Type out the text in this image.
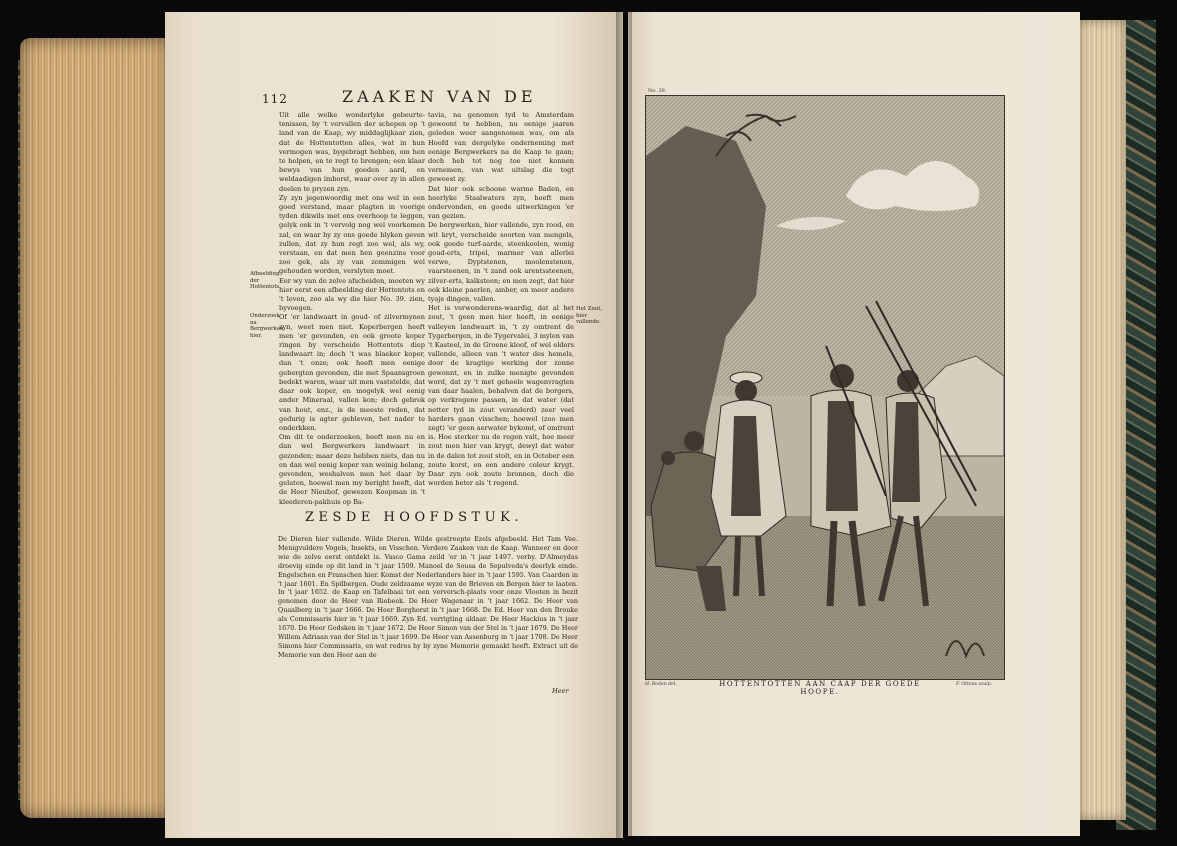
112	ZAAKEN VAN DE

Uit alle welke wonderlyke gebeurte-tenissen, by 't vervallen der schepen op 't land van de Kaap, wy middaglijkaar zien, dat de Hottentotten alles, wat in hun vermogen was, bygebragt hebben, om hen te helpen, en te regt te brengen; een klaar bewys van hun goeden aard, en weldaadigen imborst, waar over zy in allen deelen te pryzen zyn.

Zy zyn jegenwoordig met ons wel in een goed verstand, maar plagten in voorige tyden dikwils met ons overhoop te leggen, gelyk ook in 't vervolg nog wel voorkomen zal, en waar by zy ons goede blyken geven zullen, dat zy hun regt zoo wel, als wy, verstaan, en dat men hen geenzins voor zoo gek, als zy van zommigen wel gehouden worden, verslyten moet.

Eer wy van de zelve afscheiden, moeten wy hier eerst een afbeelding der Hottentots en 't leven, zoo als wy die hier No. 39. zien, byvoegen.

Of 'er landwaart in goud- of zilvermynen zyn, weet men niet. Koperbergen heeft men 'er gevonden, en ook groote koper ringen by verscheide Hottentots diep landwaart in; doch 't was blaeker koper, dan 't onze; ook heeft men eenige gebergten gevonden, die met Spaansgroen bedekt waren, waar uit men vaststelde, dat daar ook koper, en mogelyk wel eenig ander Mineraal, vallen kon; doch gebrek van hout, enz., is de meeste reden, dat gedurig is agter gebleven, het nader te onderkken.

Om dit te onderzoeken, heeft men nu en dan wel Bergwerkers landwaart in gezonden; maar deze hebben niets, dan nu en dan wel eenig koper van weinig belang, gevonden, weshalven men het daar by gelaten, hoewel men my beright heeft, dat de Heer Nieuhof, gewezen Koopman in 't kleederen-pakhuis op Ba-

tavia, na genomen tyd te Amsterdam gewoont te hebben, nu eenige jaaren geleden weer aangenomen was, om als Hoofd van dergelyke onderneming met eenige Bergwerkers na de Kaap te gaan; doch heb tot nog toe niet konnen vernemen, van wat uitslag die togt geweest zy.

Dat hier ook schoone warme Baden, en heerlyke Staalwaters zyn, heeft men ondervonden, en goede uitwerkingen 'er van gezien.

De bergwerken, hier vallende, zyn rood, en wit kryt, verscheide soorten van mengels, ook goede turf-aarde, steenkoolen, wonig goud-erts, tripel, marmer van allerlei verwe, Dyptstenen, moolenstenen, vaarsteenen, in 't zand ook arentssteenen, zilver-erts, kalksteen; en men zegt, dat hier ook kleine paerlen, amber, en meer andere tyaje dingen, vallen.

Het is verwonderens-waardig, dat al het zout, 't geen men hier heeft, in eenige valleyen landwaart in, 't zy omtrent de Tygerbergen, in de Tygervalei, 3 mylen van 't Kasteel, in de Groene kloof, of wel elders vallende, alleen van 't water des hemels, door de kragtige werking der zonne gewonnt, en in zulke menigte gevonden word, dat zy 't met geheele wagenvragten van daar haalen, behalven dat de borgers, op verkregene passen, in dat water (dat netter tyd in zout veranderd) zeer veel harders gaan visschen; hoewel (zoo men zegt) 'er geen aerwater bykomt, of omtrent is. Hoe sterker nu de regen valt, hoe meer zout men hier van krygt, dewyl dat water in de dalen tot zout stolt, en in October een zoute korst, en een andere coleur krygt. Daar zyn ook zoute bronnen, doch die worden beter als 't regend.

Afbeelding der Hottentots.
Onderzoek na Bergwerken hier.
Het Zout, hier vallende.
ZESDE HOOFDSTUK.
De Dieren hier vallende. Wilde Dieren. Wilde gestreepte Ezels afgebeeld. Het Tam Vee. Menigvuldere Vogels, Insekts, en Visschen. Verdere Zaaken van de Kaap. Wanneer en door wie de zelve eerst ontdekt is. Vasco Gama zeild 'er in 't jaar 1497. verby. D'Almeydas droevig einde op dit land in 't jaar 1509. Manoel de Sousa de Sepulveda's deerlyk einde. Engelschen en Franschen hier. Komst der Nederlanders hier in 't jaar 1595. Van Caarden in 't jaar 1601. En Spilbergen. Oude zeldzaame wyze van de Brieven en Bergen hier te laaten. In 't jaar 1652. de Kaap en Tafelbaai tot een verversch-plaats voor onze Vlooten in bezit genomen door de Heer van Riebeek. De Heer Wagenaar in 't jaar 1662. De Heer van Quaalberg in 't jaar 1666. De Heer Borghorst in 't jaar 1668. De Ed. Heer van den Brouke als Commissaris hier in 't jaar 1669. Zyn Ed. verrigting aldaar. De Heer Hackius in 't jaar 1670. De Heer Godsken in 't jaar 1672. De Heer Simon van der Stel in 't jaar 1679. De Heer Willem Adriaan van der Stel in 't jaar 1699. De Heer van Assenburg in 't jaar 1708. De Heer Simons hier Commissaris, en wat redres hy by zyne Memorie gemaakt heeft. Extract uit de Memorie van den Heer aan de
Heer
No. 39.
H. Boden del.	F. Ottens sculp.
HOTTENTOTTEN AAN CAAP DER GOEDE HOOPE.
